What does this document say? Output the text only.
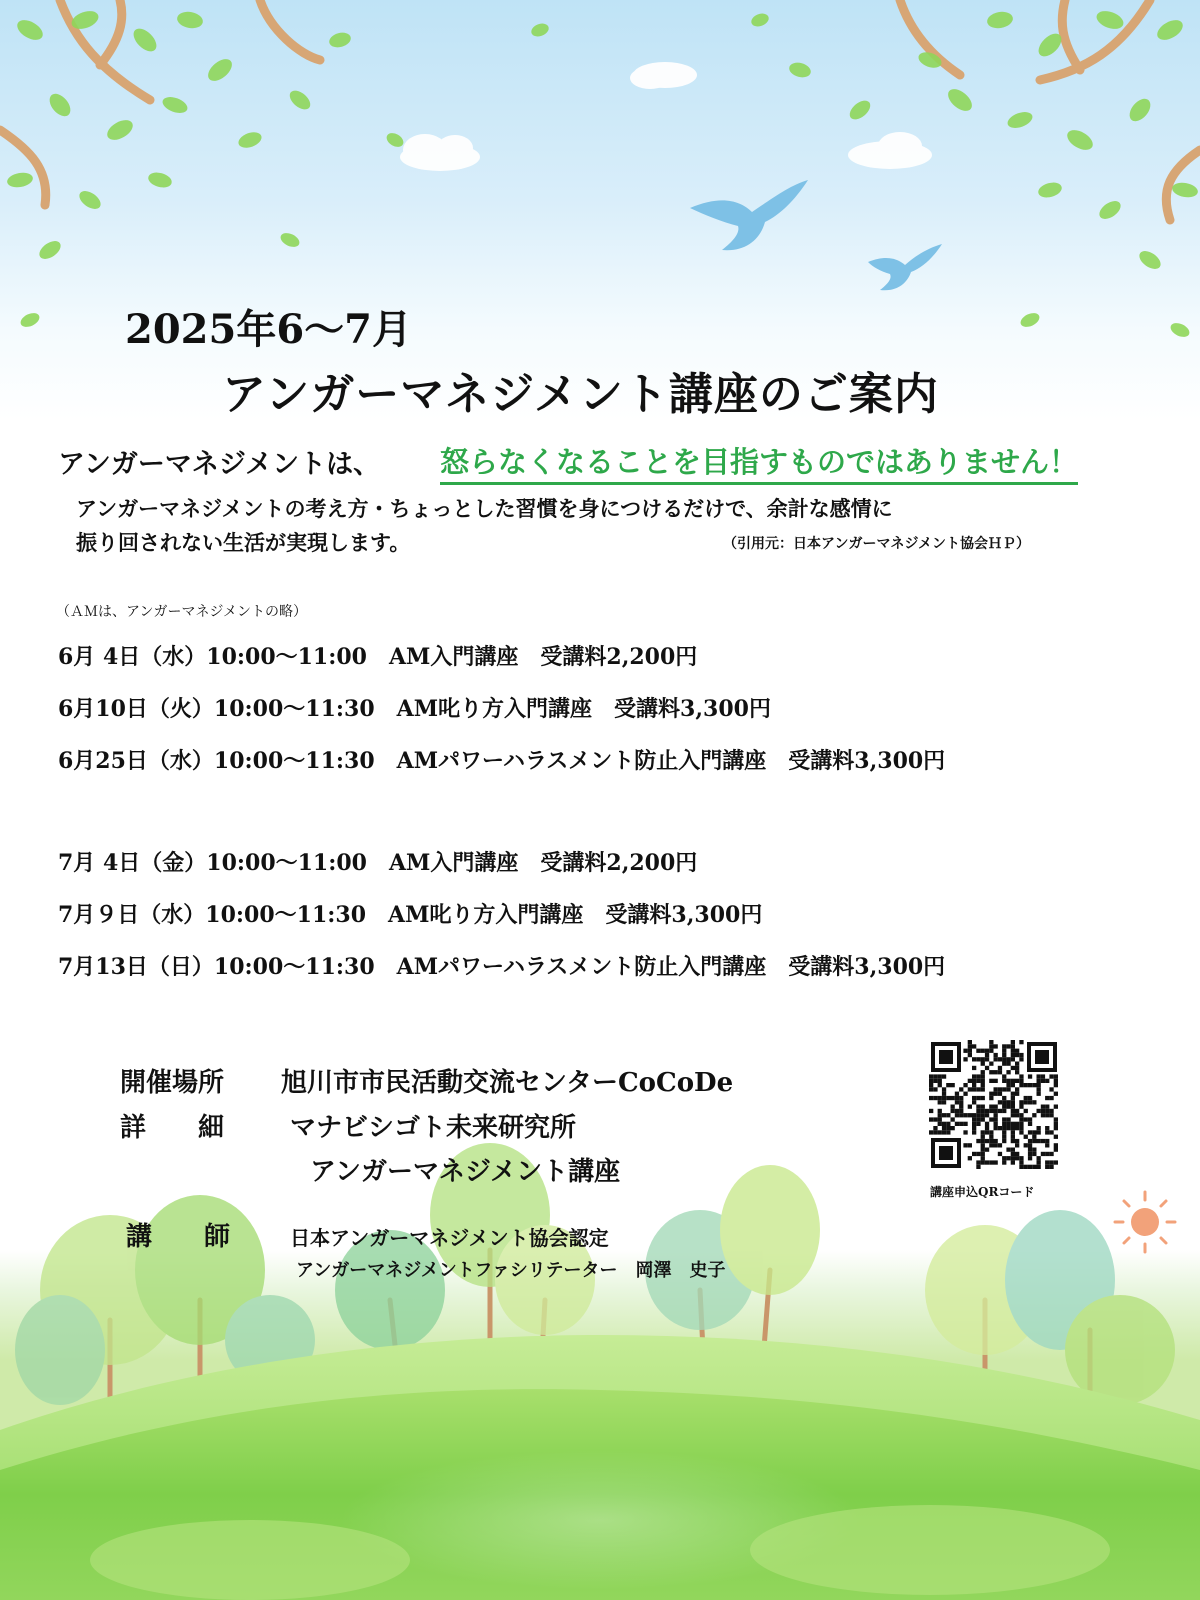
2025年6～7月
アンガーマネジメント講座のご案内
アンガーマネジメントは、 怒らなくなることを目指すものではありません！
アンガーマネジメントの考え方・ちょっとした習慣を身につけるだけで、余計な感情に
振り回されない生活が実現します。	（引用元：日本アンガーマネジメント協会ＨＰ）
（ＡＭは、アンガーマネジメントの略）
6月 4日（水）10:00～11:00　AM入門講座　受講料2,200円
6月10日（火）10:00～11:30　AM叱り方入門講座　受講料3,300円
6月25日（水）10:00～11:30　AMパワーハラスメント防止入門講座　受講料3,300円
7月 4日（金）10:00～11:00　AM入門講座　受講料2,200円
7月９日（水）10:00～11:30　AM叱り方入門講座　受講料3,300円
7月13日（日）10:00～11:30　AMパワーハラスメント防止入門講座　受講料3,300円
開催場所 旭川市市民活動交流センターCoCoDe
詳　　細	マナビシゴト未来研究所
アンガーマネジメント講座
講　　師	日本アンガーマネジメント協会認定
アンガーマネジメントファシリテーター　岡澤　史子
講座申込QRコード
